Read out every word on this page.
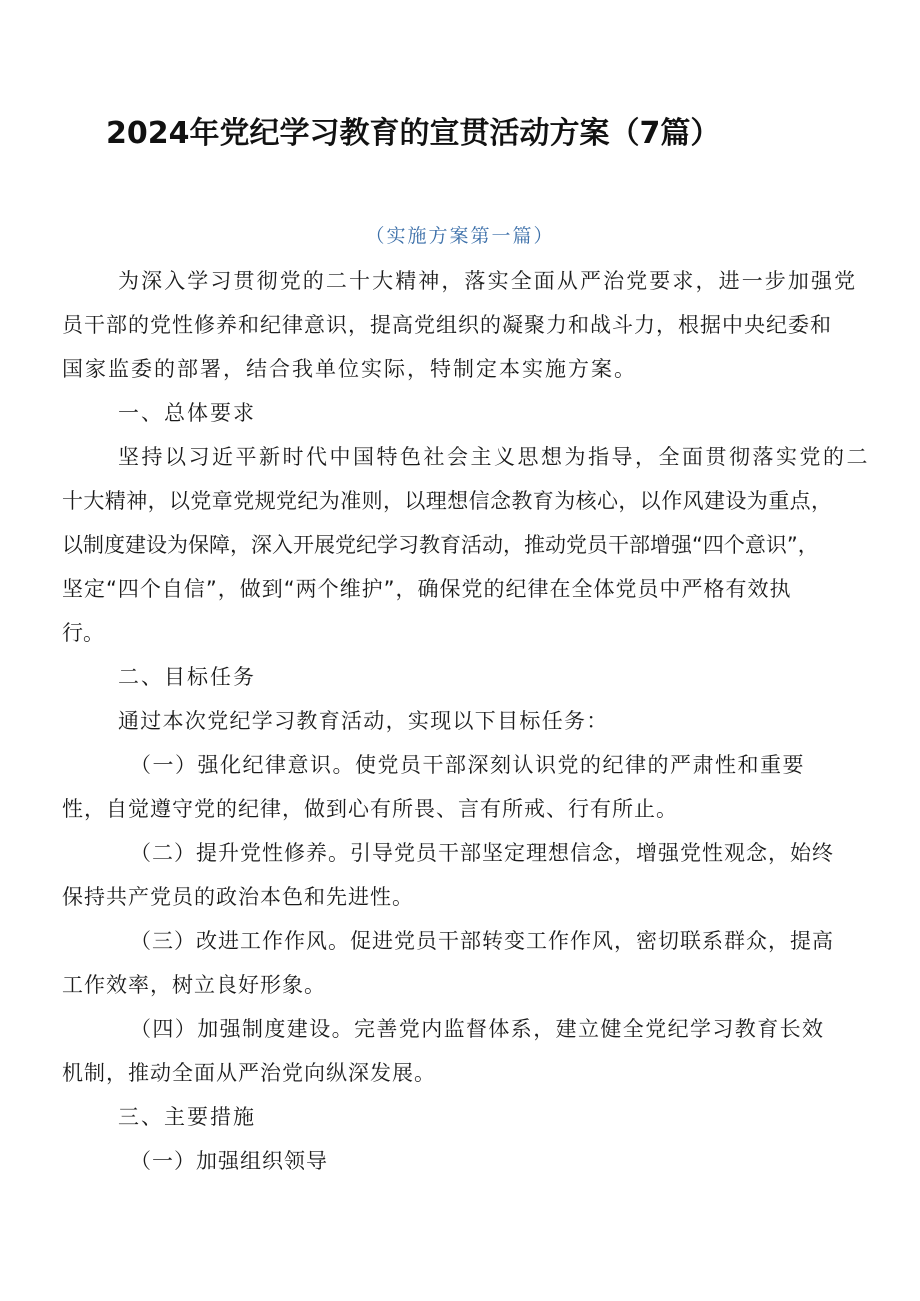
2024年党纪学习教育的宣贯活动方案（7篇）
（实施方案第一篇）
为深入学习贯彻党的二十大精神，落实全面从严治党要求，进一步加强党
员干部的党性修养和纪律意识，提高党组织的凝聚力和战斗力，根据中央纪委和
国家监委的部署，结合我单位实际，特制定本实施方案。
一、总体要求
坚持以习近平新时代中国特色社会主义思想为指导，全面贯彻落实党的二
十大精神，以党章党规党纪为准则，以理想信念教育为核心，以作风建设为重点，
以制度建设为保障，深入开展党纪学习教育活动，推动党员干部增强“四个意识”，
坚定“四个自信”，做到“两个维护”，确保党的纪律在全体党员中严格有效执
行。
二、目标任务
通过本次党纪学习教育活动，实现以下目标任务：
（一）强化纪律意识。使党员干部深刻认识党的纪律的严肃性和重要
性，自觉遵守党的纪律，做到心有所畏、言有所戒、行有所止。
（二）提升党性修养。引导党员干部坚定理想信念，增强党性观念，始终
保持共产党员的政治本色和先进性。
（三）改进工作作风。促进党员干部转变工作作风，密切联系群众，提高
工作效率，树立良好形象。
（四）加强制度建设。完善党内监督体系，建立健全党纪学习教育长效
机制，推动全面从严治党向纵深发展。
三、主要措施
（一）加强组织领导
